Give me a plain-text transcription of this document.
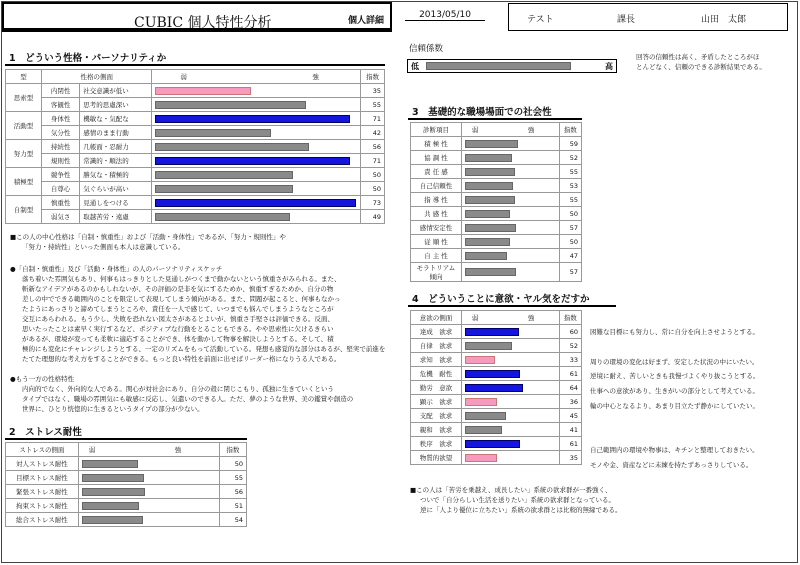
CUBIC 個人特性分析	個人詳細
2013/05/10	テスト	課長	山田　太郎
1　どういう性格・パーソナリティか
型	性格の側面		弱 強	指数
思索型	内閉性	社交意識が低い		35
	客観性	思考的思慮深い		55
活動型	身体性	機敏な・気配な		71
	気分性	感情のまま行動		42
努力型	持続性	几帳面・忍耐力		56
	規則性	常識的・順法的		71
積極型	競争性	勝気な・積極的		50
	自尊心	気ぐらいが高い		50
自制型	慎重性	見通しをつける		73
	弱気さ	取越苦労・遠慮		49
■この人の中心性格は「自制・慎重性」および「活動・身体性」であるが、「努力・規則性」や
「努力・持続性」といった側面も本人は意識している。
●「自制・慎重性」及び「活動・身体性」の人のパーソナリティスケッチ
落ち着いた雰囲気もあり、何事もはっきりとした見通しがつくまで動かないという慎重さがみられる。また、
斬新なアイデアがあるのかもしれないが、その評価の是非を気にするためか、慎重すぎるためか、自分の物
差しの中でできる範囲内のことを限定して表現してしまう傾向がある。また、問題が起こると、何事もなかっ
たようにあっさりと諦めてしまうところや、責任を一人で感じて、いつまでも悩んでしまうようなところが
交互にあらわれる。もう少し、失敗を恐れない図太さがあるとよいが、慎重さ手堅さは評価できる。反面、
思いたったことは素早く実行するなど、ポジティブな行動をとることもできる。やや思索性に欠けるきらい
があるが、環境が変っても柔軟に適応することができ、体を動かして物事を解決しようとする。そして、積
極的にも変化にチャレンジしようとする、一定のリズムをもって活動している。発想も感覚的な部分はあるが、堅実で前進を
たてた理想的な考え方をすることができる。もっと良い特性を前面に出せばリーダー格になりうる人である。
●もう一方の性格特性
内向的でなく、外向的な人である。関心が対社会にあり、自分の殻に閉じこもり、孤独に生きていくという
タイプではなく、職場の雰囲気にも敏感に反応し、気遣いのできる人。ただ、夢のような世界、美の鑑賞や創造の
世界に、ひとり恍惚的に生きるというタイプの部分が少ない。
2　ストレス耐性
ストレスの側面	弱 強	指数
対人ストレス耐性		50
目標ストレス耐性		55
緊張ストレス耐性		56
拘束ストレス耐性		51
総合ストレス耐性		54
信頼係数
低	高
回答の信頼性は高く、矛盾したところがほ
とんどなく、信頼のできる診断結果である。
3　基礎的な職場場面での社会性
診断項目	弱 強	指数
積 極 性		59
協 調 性		52
責 任 感		55
自己信頼性		53
指 導 性		55
共 感 性		50
感情安定性		57
従 順 性		50
自 主 性		47
モラトリアム傾向		57
4　どういうことに意欲・ヤル気をだすか
意欲の側面	弱 強	指数
達成　欲求		60
自律　欲求		52
求知　欲求		33
危機　耐性		61
勤労　意欲		64
顕示　欲求		36
支配　欲求		45
親和　欲求		41
秩序　欲求		61
物質的欲望		35
困難な目標にも努力し、常に自分を向上させようとする。
周りの環境の変化は好まず、安定した状況の中にいたい。
逆境に耐え、苦しいときも我慢づよくやり抜こうとする。
仕事への意欲があり、生きがいの部分として考えている。
輪の中心となるより、あまり目立たず静かにしていたい。
自己範囲内の環境や物事は、キチンと整理しておきたい。
モノや金、資産などに未練を持たずあっさりしている。
■この人は「苦労を乗越え、成長したい」系統の欲求群が一番強く、
ついで「自分らしい生活を送りたい」系統の欲求群となっている。
逆に「人より優位に立ちたい」系統の欲求群とは比較的無縁である。
